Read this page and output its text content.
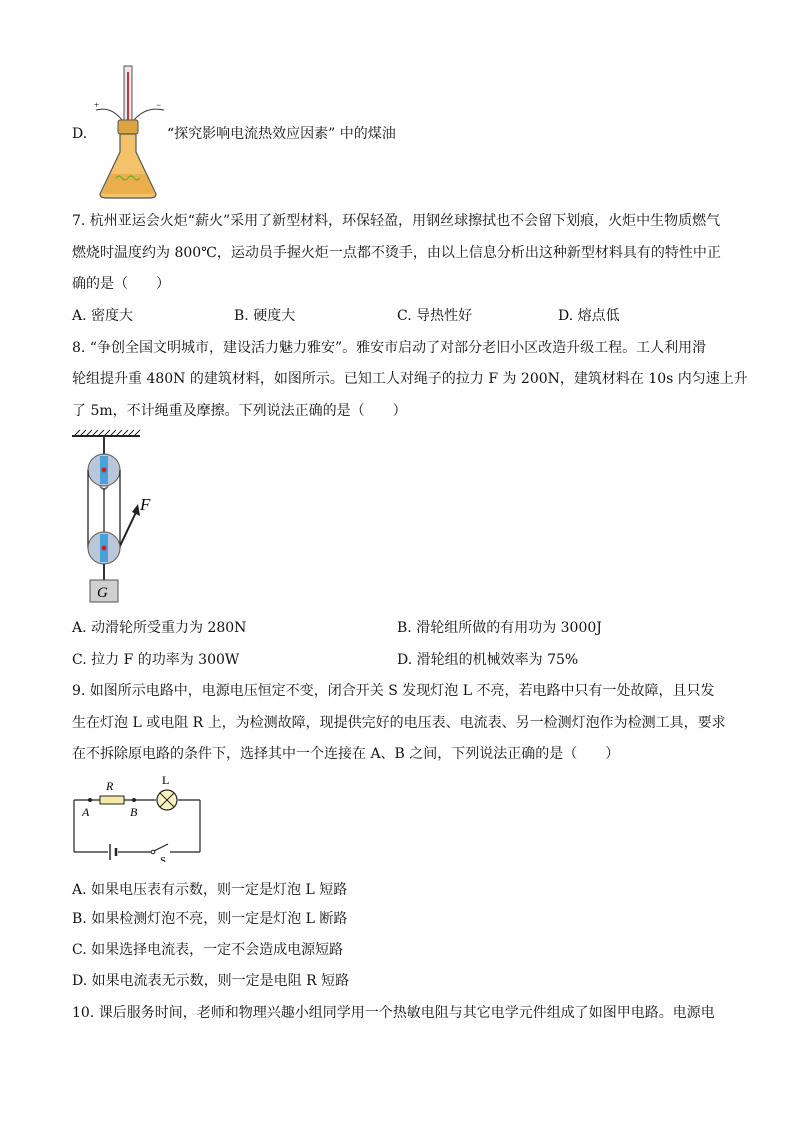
+	−
D.	“探究影响电流热效应因素” 中的煤油
7. 杭州亚运会火炬“薪火”采用了新型材料，环保轻盈，用钢丝球擦拭也不会留下划痕，火炬中生物质燃气
燃烧时温度约为 800℃，运动员手握火炬一点都不烫手，由以上信息分析出这种新型材料具有的特性中正
确的是（　　）
A. 密度大	B. 硬度大	C. 导热性好	D. 熔点低
8. “争创全国文明城市，建设活力魅力雅安”。雅安市启动了对部分老旧小区改造升级工程。工人利用滑
轮组提升重 480N 的建筑材料，如图所示。已知工人对绳子的拉力 F 为 200N，建筑材料在 10s 内匀速上升
了 5m，不计绳重及摩擦。下列说法正确的是（　　）
F
G
A. 动滑轮所受重力为 280N	B. 滑轮组所做的有用功为 3000J
C. 拉力 F 的功率为 300W	D. 滑轮组的机械效率为 75%
9. 如图所示电路中，电源电压恒定不变，闭合开关 S 发现灯泡 L 不亮，若电路中只有一处故障，且只发
生在灯泡 L 或电阻 R 上，为检测故障，现提供完好的电压表、电流表、另一检测灯泡作为检测工具，要求
在不拆除原电路的条件下，选择其中一个连接在 A、B 之间，下列说法正确的是（　　）
R
A	B
L
S
A. 如果电压表有示数，则一定是灯泡 L 短路
B. 如果检测灯泡不亮，则一定是灯泡 L 断路
C. 如果选择电流表，一定不会造成电源短路
D. 如果电流表无示数，则一定是电阻 R 短路
10. 课后服务时间，老师和物理兴趣小组同学用一个热敏电阻与其它电学元件组成了如图甲电路。电源电
